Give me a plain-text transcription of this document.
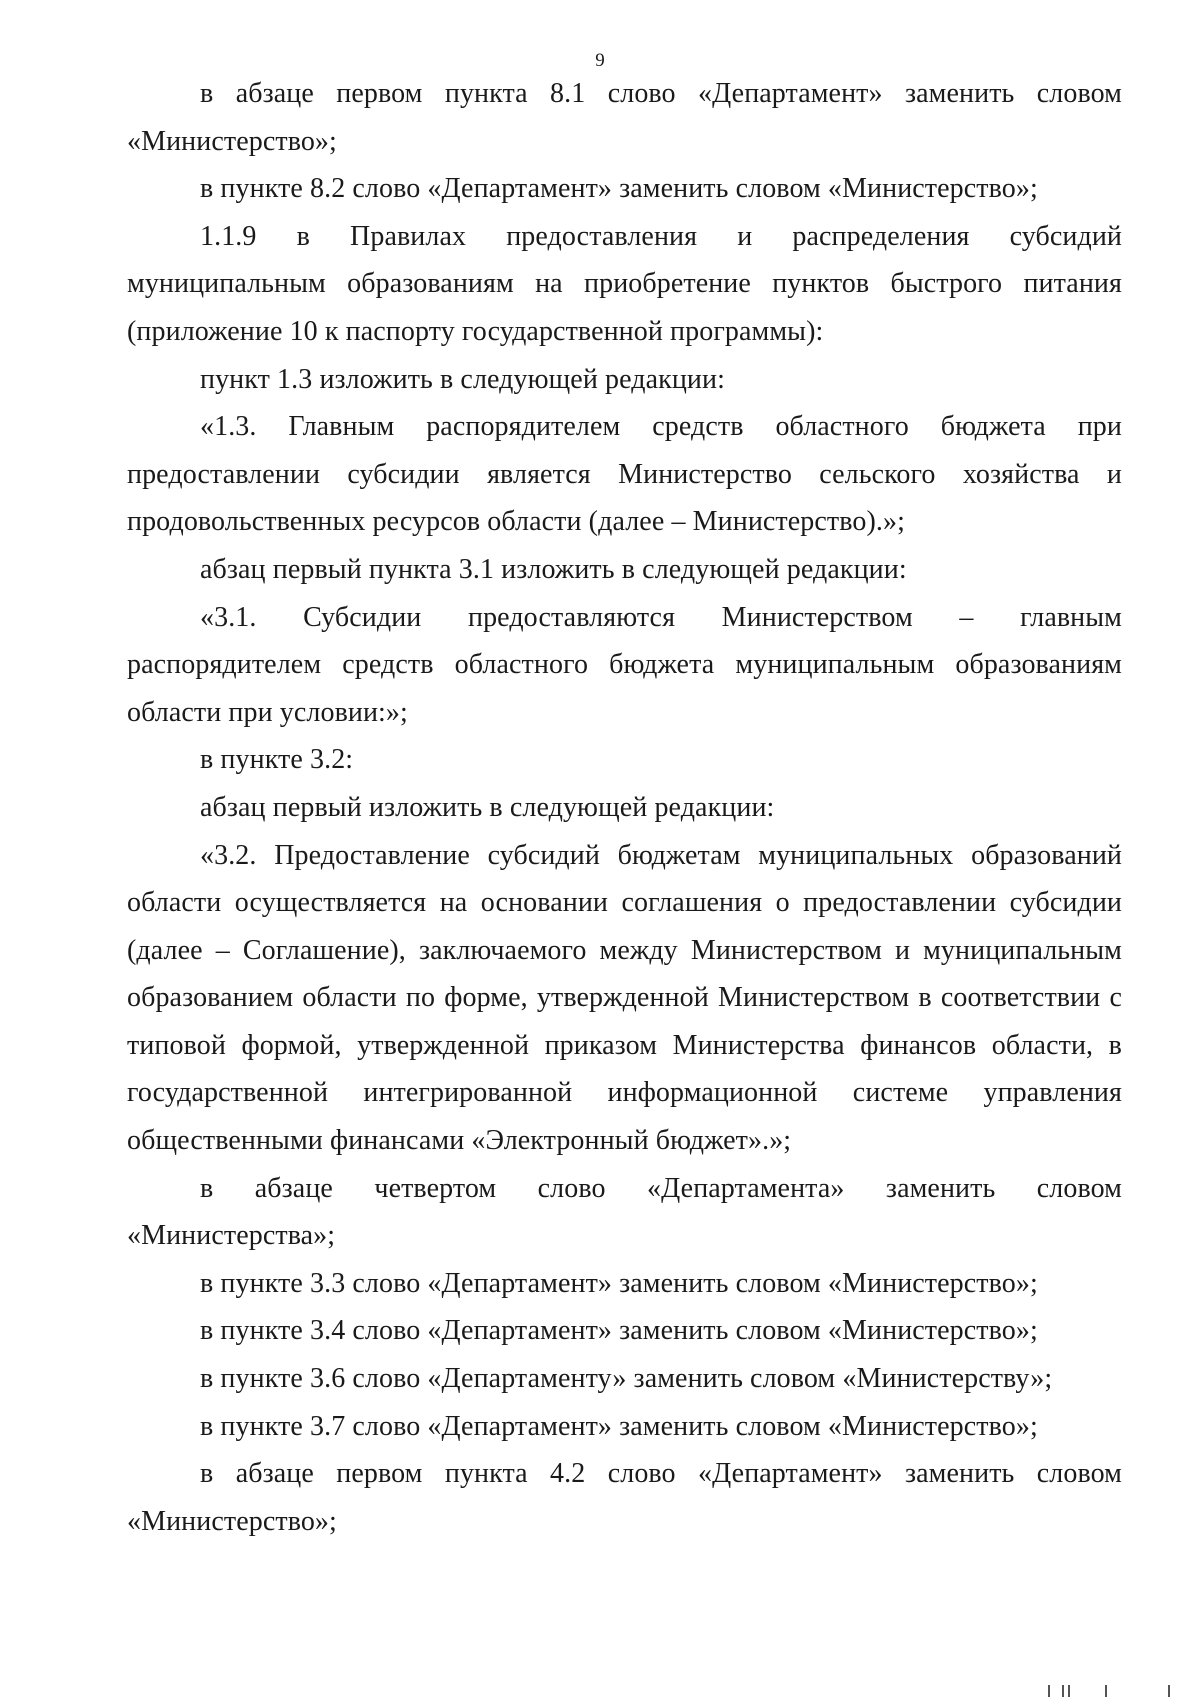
9

в абзаце первом пункта 8.1 слово «Департамент» заменить словом «Министерство»;

в пункте 8.2 слово «Департамент» заменить словом «Министерство»;

1.1.9 в Правилах предоставления и распределения субсидий муниципальным образованиям на приобретение пунктов быстрого питания (приложение 10 к паспорту государственной программы):

пункт 1.3 изложить в следующей редакции:

«1.3. Главным распорядителем средств областного бюджета при предоставлении субсидии является Министерство сельского хозяйства и продовольственных ресурсов области (далее – Министерство).»;

абзац первый пункта 3.1 изложить в следующей редакции:

«3.1. Субсидии предоставляются Министерством – главным распорядителем средств областного бюджета муниципальным образованиям области при условии:»;

в пункте 3.2:

абзац первый изложить в следующей редакции:

«3.2. Предоставление субсидий бюджетам муниципальных образований области осуществляется на основании соглашения о предоставлении субсидии (далее – Соглашение), заключаемого между Министерством и муниципальным образованием области по форме, утвержденной Министерством в соответствии с типовой формой, утвержденной приказом Министерства финансов области, в государственной интегрированной информационной системе управления общественными финансами «Электронный бюджет».»;

в абзаце четвертом слово «Департамента» заменить словом «Министерства»;

в пункте 3.3 слово «Департамент» заменить словом «Министерство»;

в пункте 3.4 слово «Департамент» заменить словом «Министерство»;

в пункте 3.6 слово «Департаменту» заменить словом «Министерству»;

в пункте 3.7 слово «Департамент» заменить словом «Министерство»;

в абзаце первом пункта 4.2 слово «Департамент» заменить словом «Министерство»;
